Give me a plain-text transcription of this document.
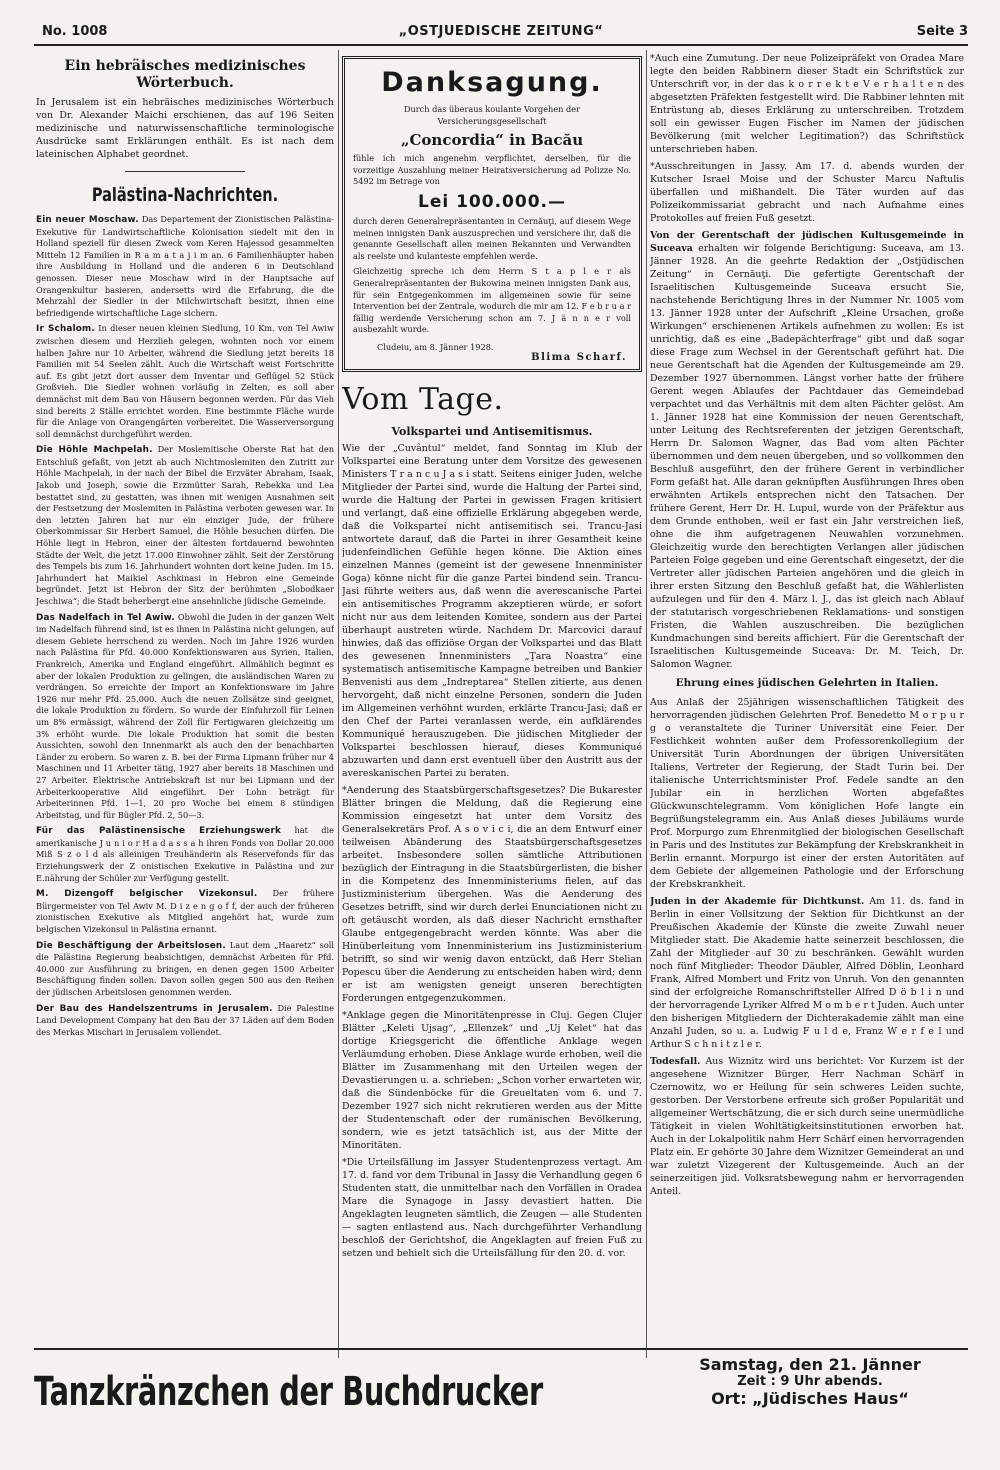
No. 1008	„OSTJUEDISCHE ZEITUNG“	Seite 3
Ein hebräisches medizinisches Wörterbuch.

In Jerusalem ist ein hebräisches medizinisches Wörterbuch von Dr. Alexander Maichi erschienen, das auf 196 Seiten medizinische und naturwissenschaftliche terminologische Ausdrücke samt Erklärungen enthält. Es ist nach dem lateinischen Alphabet geordnet.

Palästina-Nachrichten.

Ein neuer Moschaw. Das Departement der Zionistischen Palästina-Exekutive für Landwirtschaftliche Kolonisation siedelt mit den in Holland speziell für diesen Zweck vom Keren Hajessod gesammelten Mitteln 12 Familien in R a m a t a j i m an. 6 Familienhäupter haben ihre Ausbildung in Holland und die anderen 6 in Deutschland genossen. Dieser neue Moschaw wird in der Hauptsache auf Orangenkultur basieren, andersetts wird die Erfahrung, die die Mehrzahl der Siedler in der Milchwirtschaft besitzt, ihnen eine befriedigende wirtschaftliche Lage sichern.

Ir Schalom. In dieser neuen kleinen Siedlung, 10 Km. von Tel Awiw zwischen diesem und Herzlieh gelegen, wohnten noch vor einem halben Jahre nur 10 Arbeiter, während die Siedlung jetzt bereits 18 Familien mit 54 Seelen zählt. Auch die Wirtschaft weist Fortschritte auf. Es gibt jetzt dort ausser dem Inventar und Geflügel 52 Stück Großvieh. Die Siedler wohnen vorläufig in Zelten, es soll aber demnächst mit dem Bau von Häusern begonnen werden. Für das Vieh sind bereits 2 Ställe errichtet worden. Eine bestimmte Fläche wurde für die Anlage von Orangengärten vorbereitet. Die Wasserversorgung soll demnächst durchgeführt werden.

Die Höhle Machpelah. Der Moslemitische Oberste Rat hat den Entschluß gefaßt, von jetzt ab auch Nichtmoslemiten den Zutritt zur Höhle Machpelah, in der nach der Bibel die Erzväter Abraham, Isaak, Jakob und Joseph, sowie die Erzmütter Sarah, Rebekka und Lea bestattet sind, zu gestatten, was ihnen mit wenigen Ausnahmen seit der Festsetzung der Moslemiten in Palästina verboten gewesen war. In den letzten Jahren hat nur ein einziger Jude, der frühere Oberkommissar Sir Herbert Samuel, die Höhle besuchen dürfen. Die Höhle liegt in Hebron, einer der ältesten fortdauernd bewohnten Städte der Welt, die jetzt 17.000 Einwohner zählt. Seit der Zerstörung des Tempels bis zum 16. Jahrhundert wohnten dort keine Juden. Im 15. Jahrhundert hat Maikiel Aschkinasi in Hebron eine Gemeinde begründet. Jetzt ist Hebron der Sitz der berühmten „Slobodkaer Jeschiwa“; die Stadt beherbergt eine ansehnliche jüdische Gemeinde.

Das Nadelfach in Tel Awiw. Obwohl die Juden in der ganzen Welt im Nadelfach führend sind, ist es ihnen in Palästina nicht gelungen, auf diesem Gebiete herrschend zu werden. Noch im Jahre 1926 wurden nach Palästina für Pfd. 40.000 Konfektionswaren aus Syrien, Italien, Frankreich, Amerika und England eingeführt. Allmählich beginnt es aber der lokalen Produktion zu gelingen, die ausländischen Waren zu verdrängen. So erreichte der Import an Konfektionsware im Jahre 1926 nur mehr Pfd. 25.000. Auch die neuen Zollsätze sind geeignet, die lokale Produktion zu fördern. So wurde der Einfuhrzoll für Leinen um 8% ermässigt, während der Zoll für Fertigwaren gleichzeitig um 3% erhöht wurde. Die lokale Produktion hat somit die besten Aussichten, sowohl den Innenmarkt als auch den der benachbarten Länder zu erobern. So waren z. B. bei der Firma Lipmann früher nur 4 Maschinen und 11 Arbeiter tätig, 1927 aber bereits 18 Maschinen und 27 Arbeiter. Elektrische Antriebskraft ist nur bei Lipmann und der Arbeiterkooperative Alid eingeführt. Der Lohn beträgt für Arbeiterinnen Pfd. 1—1, 20 pro Woche bei einem 8 stündigen Arbeitstag, und für Bügler Pfd. 2, 50—3.

Für das Palästinensische Erziehungswerk hat die amerikanische J u n i o r H a d a s s a h ihren Fonds von Dollar 20.000 Miß S z o l d als alleinigen Treuhänderin als Reservefonds für das Erziehungswerk der Z onistischen Exekutive in Palästina und zur E.nährung der Schüler zur Verfügung gestellt.

M. Dizengoff belgischer Vizekonsul. Der frühere Bürgermeister von Tel Awiv M. D i z e n g o f f, der auch der früheren zionistischen Exekutive als Mitglied angehört hat, wurde zum belgischen Vizekonsul in Palästina ernannt.

Die Beschäftigung der Arbeitslosen. Laut dem „Haaretz“ soll die Palästina Regierung beabsichtigen, demnächst Arbeiten für Pfd. 40.000 zur Ausführung zu bringen, en denen gegen 1500 Arbeiter Beschäftigung finden sollen. Davon sollen gegen 500 aus den Reihen der jüdischen Arbeitslosen genommen werden.

Der Bau des Handelszentrums in Jerusalem. Die Palestine Land Development Company hat den Bau der 37 Läden auf dem Boden des Merkas Mischari in Jerusalem vollendet.

Danksagung.

Durch das überaus koulante Vorgehen der Versicherungsgesellschaft

„Concordia“ in Bacău

fühle ich mich angenehm verpflichtet, derselben, für die vorzeitige Auszahlung meiner Heiratsversicherung ad Polizze No. 5492 im Betrage von

Lei 100.000.—

durch deren Generalrepräsentanten in Cernăuţi, auf diesem Wege meinen innigsten Dank auszusprechen und versichere ihr, daß die genannte Gesellschaft allen meinen Bekannten und Verwandten als reelste und kulanteste empfehlen werde.

Gleichzeitig spreche ich dem Herrn S t a p l e r als Generalrepräsentanten der Bukowina meinen innigsten Dank aus, für sein Entgegenkommen im allgemeinen sowie für seine Intervention bei der Zentrale, wodurch die mir am 12. F e b r u a r fällig werdende Versicherung schon am 7. J ä n n e r voll ausbezahlt wurde.

Cludeiu, am 8. Jänner 1928.
Blima Scharf.
Vom Tage.
Volkspartei und Antisemitismus.

Wie der „Cuvântul“ meldet, fand Sonntag im Klub der Volkspartei eine Beratung unter dem Vorsitze des gewesenen Ministers T r a n c u J a s i statt. Seitens einiger Juden, welche Mitglieder der Partei sind, wurde die Haltung der Partei sind, wurde die Haltung der Partei in gewissen Fragen kritisiert und verlangt, daß eine offizielle Erklärung abgegeben werde, daß die Volkspartei nicht antisemitisch sei. Trancu-Jasi antwortete darauf, daß die Partei in ihrer Gesamtheit keine judenfeindlichen Gefühle hegen könne. Die Aktion eines einzelnen Mannes (gemeint ist der gewesene Innenminister Goga) könne nicht für die ganze Partei bindend sein. Trancu-Jasi führte weiters aus, daß wenn die averescanische Partei ein antisemitisches Programm akzeptieren würde, er sofort nicht nur aus dem leitenden Komitee, sondern aus der Partei überhaupt austreten würde. Nachdem Dr. Marcovici darauf hinwies, daß das offiziöse Organ der Volkspartei und das Blatt des gewesenen Innenministers „Ţara Noastra“ eine systematisch antisemitische Kampagne betreiben und Bankier Benvenisti aus dem „Indreptarea“ Stellen zitierte, aus denen hervorgeht, daß nicht einzelne Personen, sondern die Juden im Allgemeinen verhöhnt wurden, erklärte Trancu-Jasi; daß er den Chef der Partei veranlassen werde, ein aufklärendes Kommuniqué herauszugeben. Die jüdischen Mitglieder der Volkspartei beschlossen hierauf, dieses Kommuniqué abzuwarten und dann erst eventuell über den Austritt aus der avereskanischen Partei zu beraten.

*Aenderung des Staatsbürgerschaftsgesetzes? Die Bukarester Blätter bringen die Meldung, daß die Regierung eine Kommission eingesetzt hat unter dem Vorsitz des Generalsekretärs Prof. A s o v i c i, die an dem Entwurf einer teilweisen Abänderung des Staatsbürgerschaftsgesetzes arbeitet. Insbesondere sollen sämtliche Attributionen bezüglich der Eintragung in die Staatsbürgerlisten, die bisher in die Kompetenz des Innenministeriums fielen, auf das Justizministerium übergehen. Was die Aenderung des Gesetzes betrifft, sind wir durch derlei Enunciationen nicht zu oft getäuscht worden, als daß dieser Nachricht ernsthafter Glaube entgegengebracht werden könnte. Was aber die Hinüberleitung vom Innenministerium ins Justizministerium betrifft, so sind wir wenig davon entzückt, daß Herr Stelian Popescu über die Aenderung zu entscheiden haben wird; denn er ist am wenigsten geneigt unseren berechtigten Forderungen entgegenzukommen.

*Anklage gegen die Minoritätenpresse in Cluj. Gegen Clujer Blätter „Keleti Ujsag“, „Ellenzek“ und „Uj Kelet“ hat das dortige Kriegsgericht die öffentliche Anklage wegen Verläumdung erhoben. Diese Anklage wurde erhoben, weil die Blätter im Zusammenhang mit den Urteilen wegen der Devastierungen u. a. schrieben: „Schon vorher erwarteten wir, daß die Sündenböcke für die Greueltaten vom 6. und 7. Dezember 1927 sich nicht rekrutieren werden aus der Mitte der Studentenschaft oder der rumänischen Bevölkerung, sondern, wie es jetzt tatsächlich ist, aus der Mitte der Minoritäten.

*Die Urteilsfällung im Jassyer Studentenprozess vertagt. Am 17. d. fand vor dem Tribunal in Jassy die Verhandlung gegen 6 Studenten statt, die unmittelbar nach den Vorfällen in Oradea Mare die Synagoge in Jassy devastiert hatten. Die Angeklagten leugneten sämtlich, die Zeugen — alle Studenten — sagten entlastend aus. Nach durchgeführter Verhandlung beschloß der Gerichtshof, die Angeklagten auf freien Fuß zu setzen und behielt sich die Urteilsfällung für den 20. d. vor.

*Auch eine Zumutung. Der neue Polizeipräfekt von Oradea Mare legte den beiden Rabbinern dieser Stadt ein Schriftstück zur Unterschrift vor, in der das k o r r e k t e V e r h a l t e n des abgesetzten Präfekten festgestellt wird. Die Rabbiner lehnten mit Entrüstung ab, dieses Erklärung zu unterschreiben. Trotzdem soll ein gewisser Eugen Fischer im Namen der jüdischen Bevölkerung (mit welcher Legitimation?) das Schriftstück unterschrieben haben.

*Ausschreitungen in Jassy. Am 17. d. abends wurden der Kutscher Israel Moise und der Schuster Marcu Naftulis überfallen und mißhandelt. Die Täter wurden auf das Polizeikommissariat gebracht und nach Aufnahme eines Protokolles auf freien Fuß gesetzt.

Von der Gerentschaft der jüdischen Kultusgemeinde in Suceava erhalten wir folgende Berichtigung: Suceava, am 13. Jänner 1928. An die geehrte Redaktion der „Ostjüdischen Zeitung“ in Cernăuţi. Die gefertigte Gerentschaft der Israelitischen Kultusgemeinde Suceava ersucht Sie, nachstehende Berichtigung Ihres in der Nummer Nr. 1005 vom 13. Jänner 1928 unter der Aufschrift „Kleine Ursachen, große Wirkungen“ erschienenen Artikels aufnehmen zu wollen: Es ist unrichtig, daß es eine „Badepächterfrage“ gibt und daß sogar diese Frage zum Wechsel in der Gerentschaft geführt hat. Die neue Gerentschaft hat die Agenden der Kultusgemeinde am 29. Dezember 1927 übernommen. Längst vorher hatte der frühere Gerent wegen Ablaufes der Pachtdauer das Gemeindebad verpachtet und das Verhältnis mit dem alten Pächter gelöst. Am 1. Jänner 1928 hat eine Kommission der neuen Gerentschaft, unter Leitung des Rechtsreferenten der jetzigen Gerentschaft, Herrn Dr. Salomon Wagner, das Bad vom alten Pächter übernommen und dem neuen übergeben, und so vollkommen den Beschluß ausgeführt, den der frühere Gerent in verbindlicher Form gefaßt hat. Alle daran geknüpften Ausführungen Ihres oben erwähnten Artikels entsprechen nicht den Tatsachen. Der frühere Gerent, Herr Dr. H. Lupul, wurde von der Präfektur aus dem Grunde enthoben, weil er fast ein Jahr verstreichen ließ, ohne die ihm aufgetragenen Neuwahlen vorzunehmen. Gleichzeitig wurde den berechtigten Verlangen aller jüdischen Parteien Folge gegeben und eine Gerentschaft eingesetzt, der die Vertreter aller jüdischen Parteien angehören und die gleich in ihrer ersten Sitzung den Beschluß gefaßt hat, die Wählerlisten aufzulegen und für den 4. März l. J., das ist gleich nach Ablauf der statutarisch vorgeschriebenen Reklamations- und sonstigen Fristen, die Wahlen auszuschreiben. Die bezüglichen Kundmachungen sind bereits affichiert. Für die Gerentschaft der Israelitischen Kultusgemeinde Suceava: Dr. M. Teich, Dr. Salomon Wagner.

Ehrung eines jüdischen Gelehrten in Italien.

Aus Anlaß der 25jährigen wissenschaftlichen Tätigkeit des hervorragenden jüdischen Gelehrten Prof. Benedetto M o r p u r g o veranstaltete die Turiner Universität eine Feier. Der Festlichkeit wohnten außer dem Professorenkollegium der Universität Turin Abordnungen der übrigen Universitäten Italiens, Vertreter der Regierung, der Stadt Turin bei. Der italienische Unterrichtsminister Prof. Fedele sandte an den Jubilar ein in herzlichen Worten abgefaßtes Glückwunschtelegramm. Vom königlichen Hofe langte ein Begrüßungstelegramm ein. Aus Anlaß dieses Jubiläums wurde Prof. Morpurgo zum Ehrenmitglied der biologischen Gesellschaft in Paris und des Institutes zur Bekämpfung der Krebskrankheit in Berlin ernannt. Morpurgo ist einer der ersten Autoritäten auf dem Gebiete der allgemeinen Pathologie und der Erforschung der Krebskrankheit.

Juden in der Akademie für Dichtkunst. Am 11. ds. fand in Berlin in einer Vollsitzung der Sektion für Dichtkunst an der Preußischen Akademie der Künste die zweite Zuwahl neuer Mitglieder statt. Die Akademie hatte seinerzeit beschlossen, die Zahl der Mitglieder auf 30 zu beschränken. Gewählt wurden noch fünf Mitglieder: Theodor Däubler, Alfred Döblin, Leonhard Frank, Alfred Mombert und Fritz von Unruh. Von den genannten sind der erfolgreiche Romanschriftsteller Alfred D ö b l i n und der hervorragende Lyriker Alfred M o m b e r t Juden. Auch unter den bisherigen Mitgliedern der Dichterakademie zählt man eine Anzahl Juden, so u. a. Ludwig F u l d e, Franz W e r f e l und Arthur S c h n i t z l e r.

Todesfall. Aus Wiznitz wird uns berichtet: Vor Kurzem ist der angesehene Wiznitzer Bürger, Herr Nachman Schärf in Czernowitz, wo er Heilung für sein schweres Leiden suchte, gestorben. Der Verstorbene erfreute sich großer Popularität und allgemeiner Wertschätzung, die er sich durch seine unermüdliche Tätigkeit in vielen Wohltätigkeitsinstitutionen erworben hat. Auch in der Lokalpolitik nahm Herr Schärf einen hervorragenden Platz ein. Er gehörte 30 Jahre dem Wiznitzer Gemeinderat an und war zuletzt Vizegerent der Kultusgemeinde. Auch an der seinerzeitigen jüd. Volksratsbewegung nahm er hervorragenden Anteil.

Tanzkränzchen der Buchdrucker
Samstag, den 21. Jänner
Zeit : 9 Uhr abends.
Ort: „Jüdisches Haus“
